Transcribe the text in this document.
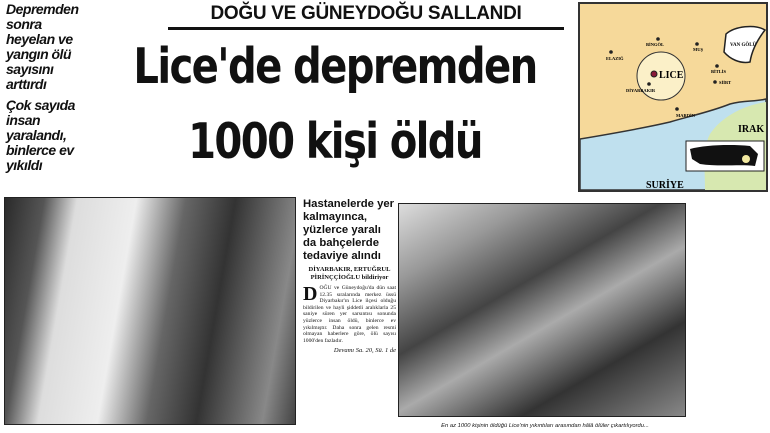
Depremden sonra heyelan ve yangın ölü sayısını arttırdı

Çok sayıda insan yaralandı, binlerce ev yıkıldı

DOĞU VE GÜNEYDOĞU SALLANDI
Lice'de depremden
1000 kişi öldü
VAN GÖLÜ
LICE
ELAZIĞ
BİNGÖL
MUŞ
BİTLİS
SİİRT
DİYARBAKIR
MARDİN
IRAK
SURİYE
Hastanelerde yer kalmayınca, yüzlerce yaralı da bahçelerde tedaviye alındı
DİYARBAKIR, ERTUĞRUL PİRİNÇÇİOĞLU bildiriyor
DOĞU ve Güneydoğu'da dün saat 12.35 sıralarında merkez üssü Diyarbakır'ın Lice ilçesi olduğu bildirilen ve hayli şiddetli aralıklarla 25 saniye süren yer sarsıntısı sonunda yüzlerce insan öldü, binlerce ev yıkılmıştır. Daha sonra gelen resmi olmayan haberlere göre, ölü sayısı 1000'den fazladır.
Devamı Sa. 20, Sü. 1 de
En az 1000 kişinin öldüğü Lice'nin yıkıntıları arasından hâlâ ölüler çıkartılıyordu...
